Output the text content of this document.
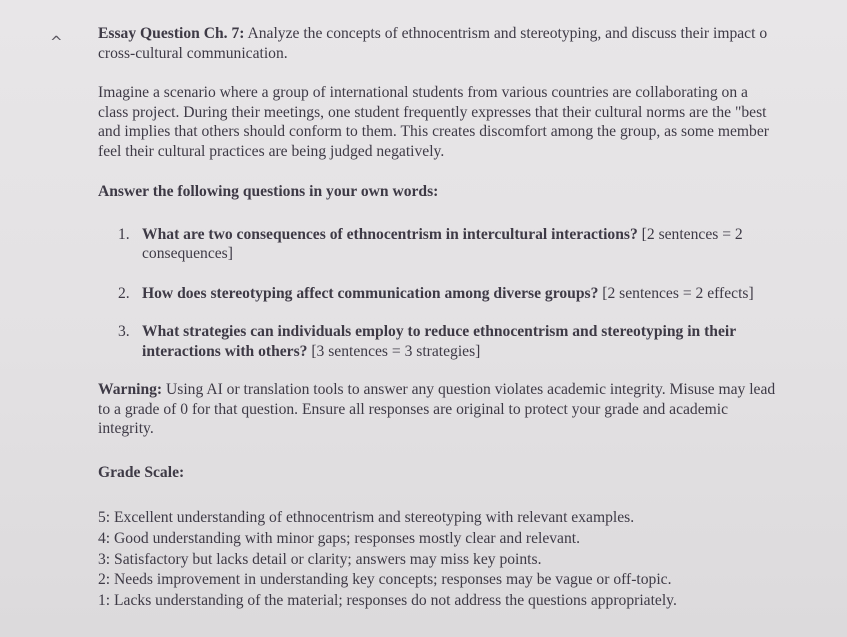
^	Essay Question Ch. 7: Analyze the concepts of ethnocentrism and stereotyping, and discuss their impact o
cross-cultural communication.
Imagine a scenario where a group of international students from various countries are collaborating on a
class project. During their meetings, one student frequently expresses that their cultural norms are the "best
and implies that others should conform to them. This creates discomfort among the group, as some member
feel their cultural practices are being judged negatively.
Answer the following questions in your own words:
1. What are two consequences of ethnocentrism in intercultural interactions? [2 sentences = 2
consequences]
2. How does stereotyping affect communication among diverse groups? [2 sentences = 2 effects]
3. What strategies can individuals employ to reduce ethnocentrism and stereotyping in their
interactions with others? [3 sentences = 3 strategies]
Warning: Using AI or translation tools to answer any question violates academic integrity. Misuse may lead
to a grade of 0 for that question. Ensure all responses are original to protect your grade and academic
integrity.
Grade Scale:
5: Excellent understanding of ethnocentrism and stereotyping with relevant examples.
4: Good understanding with minor gaps; responses mostly clear and relevant.
3: Satisfactory but lacks detail or clarity; answers may miss key points.
2: Needs improvement in understanding key concepts; responses may be vague or off-topic.
1: Lacks understanding of the material; responses do not address the questions appropriately.
